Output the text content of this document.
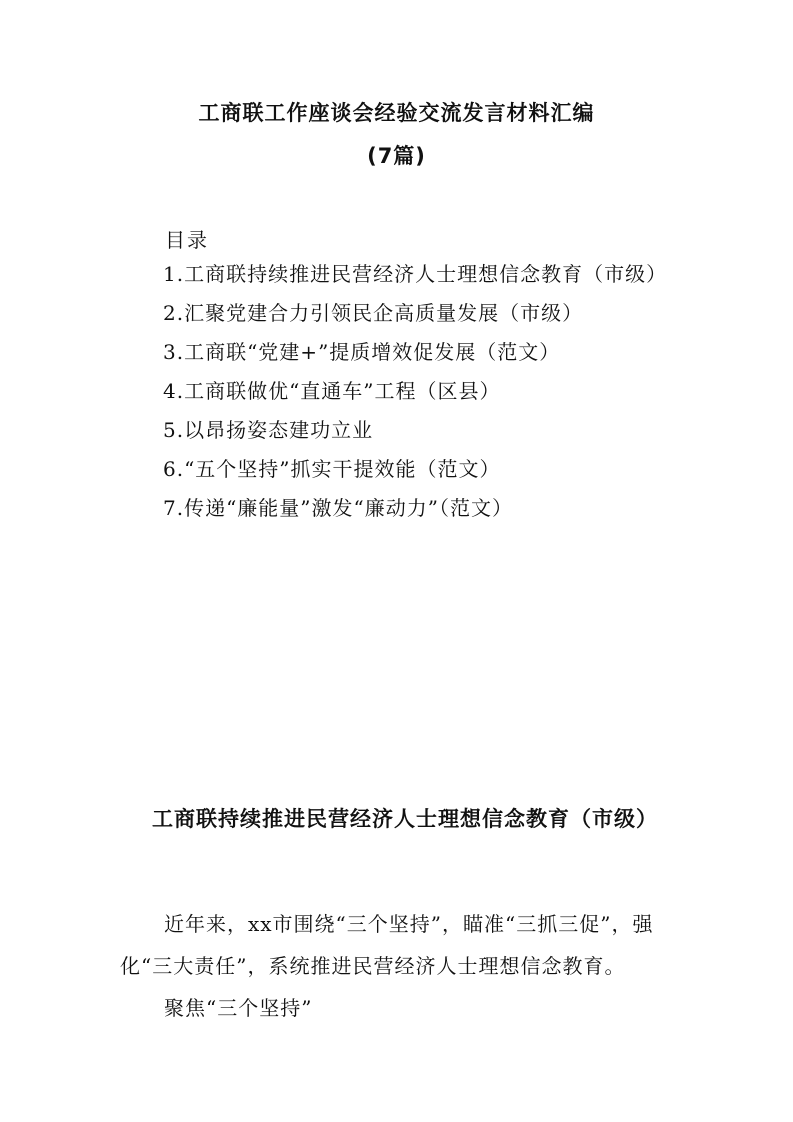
工商联工作座谈会经验交流发言材料汇编
(7篇)
目录
1.工商联持续推进民营经济人士理想信念教育（市级）
2.汇聚党建合力引领民企高质量发展（市级）
3.工商联“党建+”提质增效促发展（范文）
4.工商联做优“直通车”工程（区县）
5.以昂扬姿态建功立业
6.“五个坚持”抓实干提效能（范文）
7.传递“廉能量”激发“廉动力”（范文）
工商联持续推进民营经济人士理想信念教育（市级）

近年来，xx市围绕“三个坚持”，瞄准“三抓三促”，强化“三大责任”，系统推进民营经济人士理想信念教育。

聚焦“三个坚持”
